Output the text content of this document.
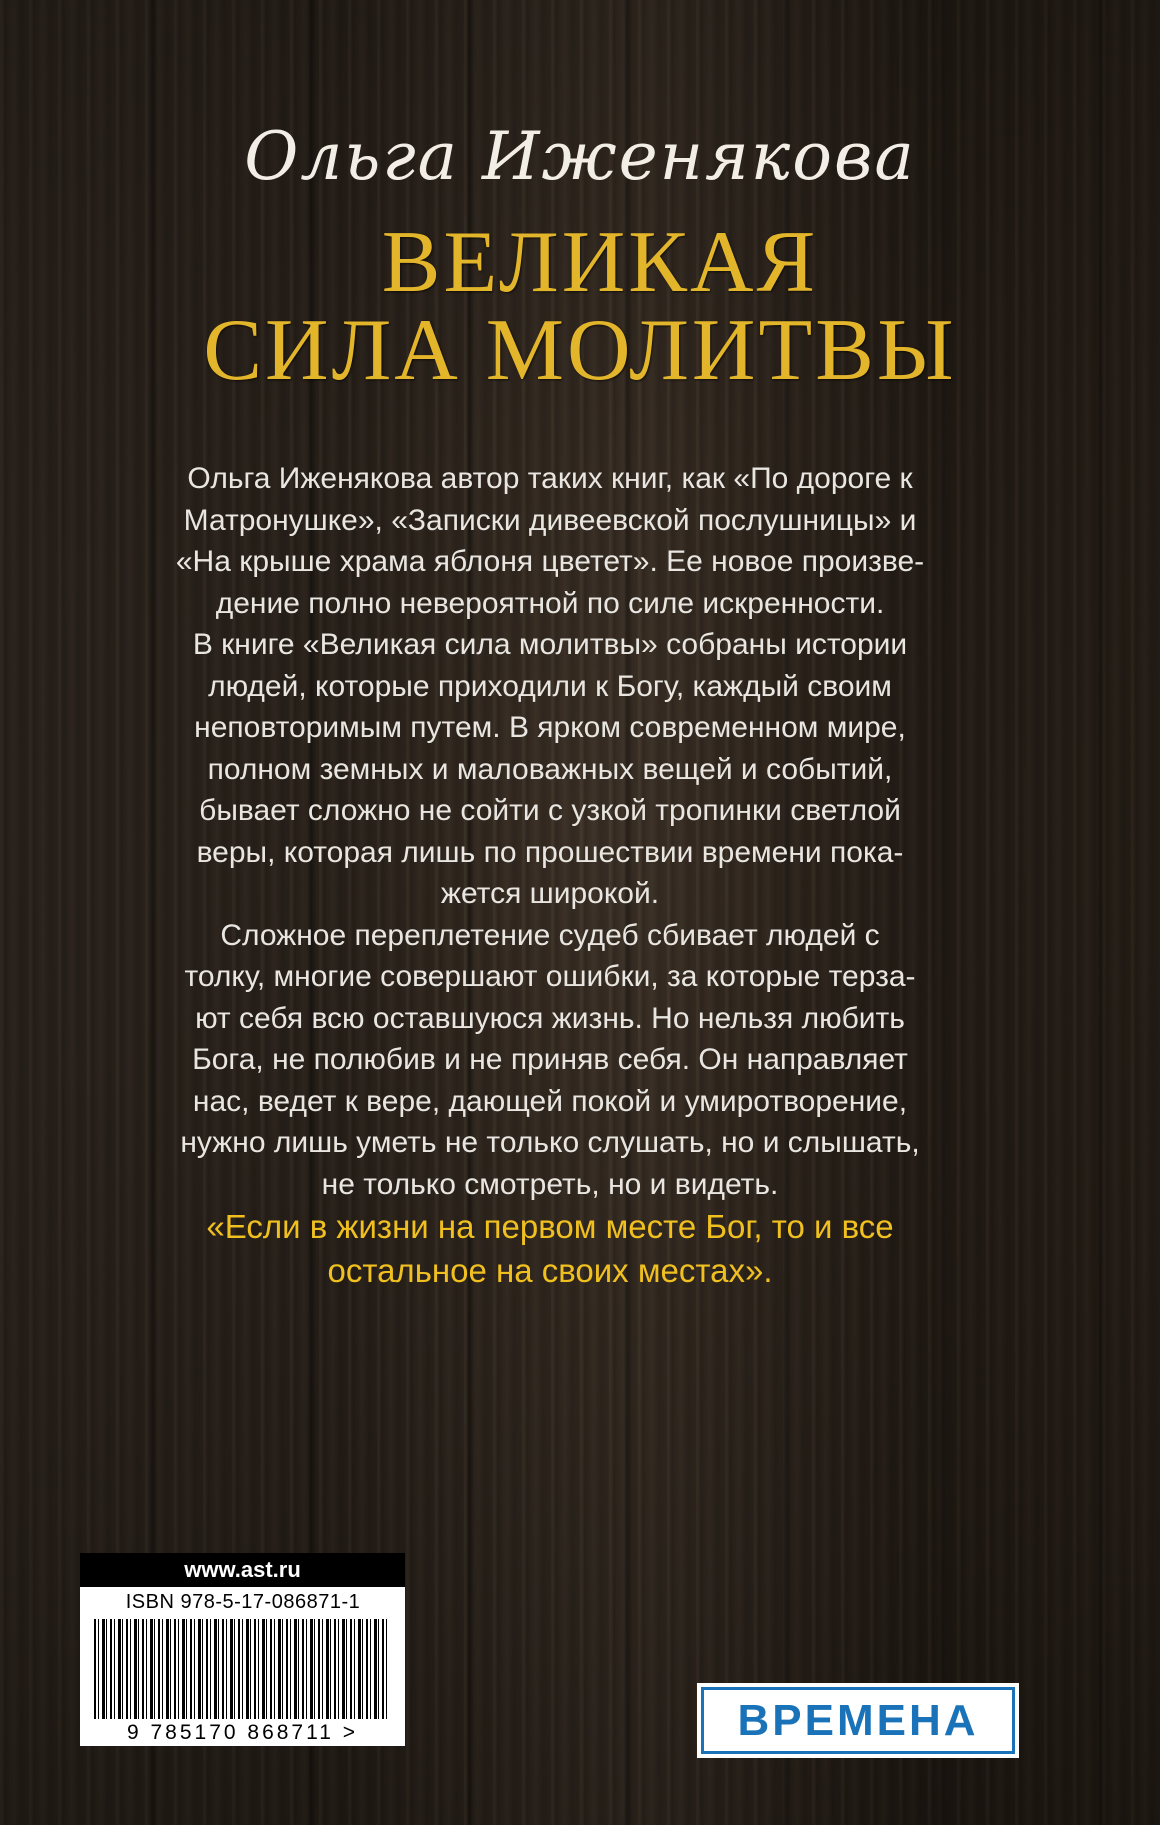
Ольга Иженякова
ВЕЛИКАЯ
СИЛА МОЛИТВЫ
Ольга Иженякова автор таких книг, как «По дороге к
Матронушке», «Записки дивеевской послушницы» и
«На крыше храма яблоня цветет». Ее новое произве-
дение полно невероятной по силе искренности.
В книге «Великая сила молитвы» собраны истории
людей, которые приходили к Богу, каждый своим
неповторимым путем. В ярком современном мире,
полном земных и маловажных вещей и событий,
бывает сложно не сойти с узкой тропинки светлой
веры, которая лишь по прошествии времени пока-
жется широкой.
Сложное переплетение судеб сбивает людей с
толку, многие совершают ошибки, за которые терза-
ют себя всю оставшуюся жизнь. Но нельзя любить
Бога, не полюбив и не приняв себя. Он направляет
нас, ведет к вере, дающей покой и умиротворение,
нужно лишь уметь не только слушать, но и слышать,
не только смотреть, но и видеть.
«Если в жизни на первом месте Бог, то и все
остальное на своих местах».
www.ast.ru
ISBN 978-5-17-086871-1
9 785170 868711 >	ВРЕМЕНА
